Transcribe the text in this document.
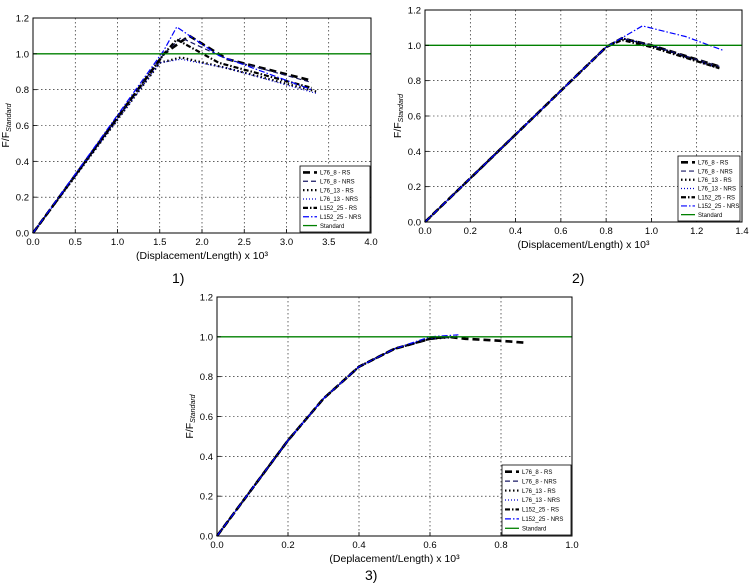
0.0	0.5	1.0	1.5	2.0	2.5	3.0	3.5	4.0
0.0
0.2
0.4
0.6
0.8
1.0
1.2
(Displacement/Length) x 10³
F/FStandard
L76_8 - RS
L76_8 - NRS
L76_13 - RS
L76_13 - NRS
L152_25 - RS
L152_25 - NRS
Standard	0.0	0.2	0.4	0.6	0.8	1.0	1.2	1.4
0.0
0.2
0.4
0.6
0.8
1.0
1.2
(Displacement/Length) x 10³
F/FStandard
L76_8 - RS
L76_8 - NRS
L76_13 - RS
L76_13 - NRS
L152_25 - RS
L152_25 - NRS
Standard
0.0	0.2	0.4	0.6	0.8	1.0
0.0
0.2
0.4
0.6
0.8
1.0
1.2
(Deplacement/Length) x 10³
F/FStandard
L76_8 - RS
L76_8 - NRS
L76_13 - RS
L76_13 - NRS
L152_25 - RS
L152_25 - NRS
Standard
1)	2)
3)
